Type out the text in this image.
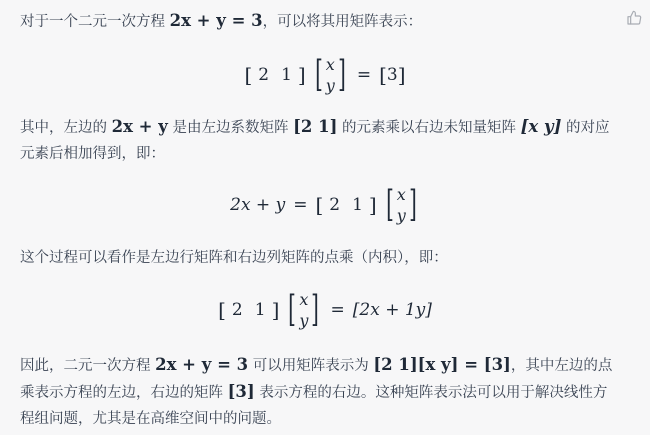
对于一个二元一次方程 2x + y = 3，可以将其用矩阵表示：

[ 2 1 ] [ x
y ] = [ 3 ]

其中，左边的 2x + y 是由左边系数矩阵 [2 1] 的元素乘以右边未知量矩阵 [x y] 的对应元素后相加得到，即：

2x + y = [ 2 1 ] [ x
y ]

这个过程可以看作是左边行矩阵和右边列矩阵的点乘（内积），即：

[ 2 1 ] [ x
y ] = [2x + 1y]

因此，二元一次方程 2x + y = 3 可以用矩阵表示为 [2 1][x y] = [3]，其中左边的点乘表示方程的左边，右边的矩阵 [3] 表示方程的右边。这种矩阵表示法可以用于解决线性方程组问题，尤其是在高维空间中的问题。
